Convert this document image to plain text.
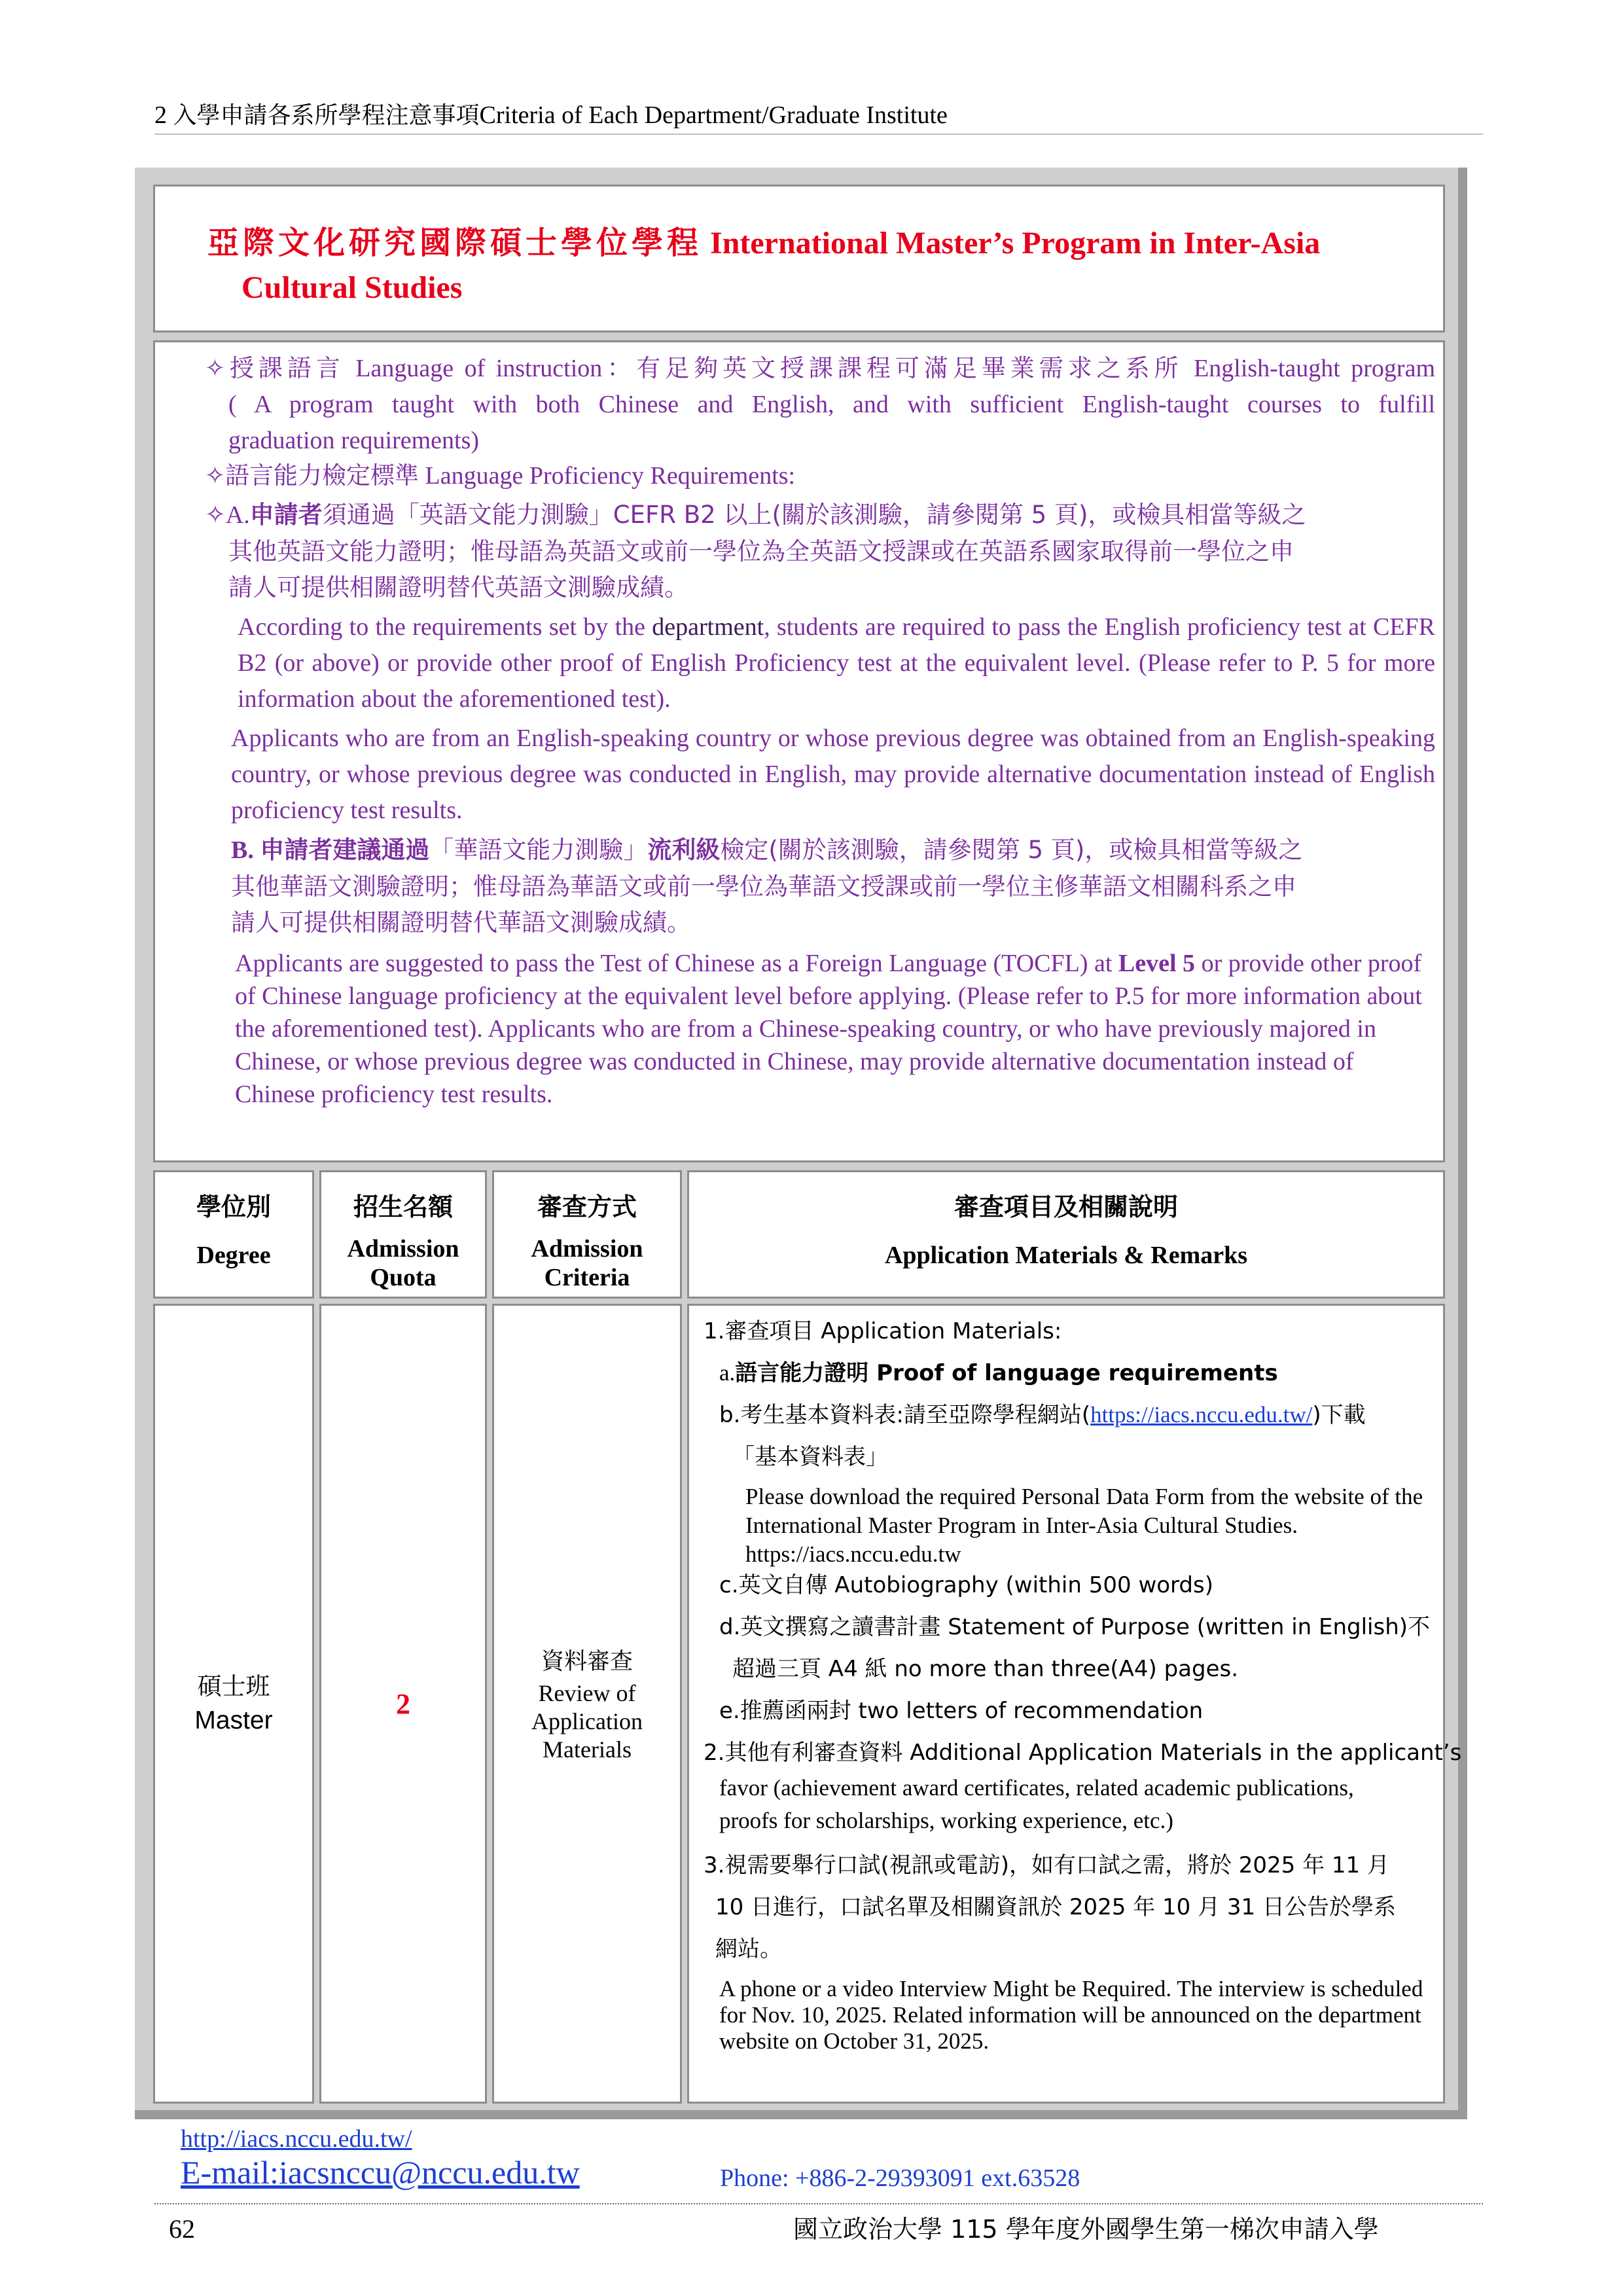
2 入學申請各系所學程注意事項Criteria of Each Department/Graduate Institute
亞際文化研究國際碩士學位學程 International Master’s Program in Inter-Asia
Cultural Studies
✧授課語言 Language of instruction：有足夠英文授課課程可滿足畢業需求之系所 English-taught program
( A program taught with both Chinese and English, and with sufficient English-taught courses to fulfill
graduation requirements)
✧語言能力檢定標準 Language Proficiency Requirements:
✧A.申請者須通過「英語文能力測驗」CEFR B2 以上(關於該測驗，請參閱第 5 頁)，或檢具相當等級之
其他英語文能力證明；惟母語為英語文或前一學位為全英語文授課或在英語系國家取得前一學位之申
請人可提供相關證明替代英語文測驗成績。
According to the requirements set by the department, students are required to pass the English proficiency test at CEFR B2 (or above) or provide other proof of English Proficiency test at the equivalent level. (Please refer to P. 5 for more information about the aforementioned test).
Applicants who are from an English-speaking country or whose previous degree was obtained from an English-speaking country, or whose previous degree was conducted in English, may provide alternative documentation instead of English proficiency test results.
B. 申請者建議通過「華語文能力測驗」流利級檢定(關於該測驗，請參閱第 5 頁)，或檢具相當等級之
其他華語文測驗證明；惟母語為華語文或前一學位為華語文授課或前一學位主修華語文相關科系之申
請人可提供相關證明替代華語文測驗成績。
Applicants are suggested to pass the Test of Chinese as a Foreign Language (TOCFL) at Level 5 or provide other proof of Chinese language proficiency at the equivalent level before applying. (Please refer to P.5 for more information about the aforementioned test). Applicants who are from a Chinese-speaking country, or who have previously majored in Chinese, or whose previous degree was conducted in Chinese, may provide alternative documentation instead of Chinese proficiency test results.
學位別
Degree
招生名額
Admission Quota
審查方式
Admission Criteria
審查項目及相關說明
Application Materials & Remarks
碩士班
Master
2
資料審查
Review of Application Materials
1.審查項目 Application Materials:
a.語言能力證明 Proof of language requirements
b.考生基本資料表:請至亞際學程網站(https://iacs.nccu.edu.tw/)下載
「基本資料表」
Please download the required Personal Data Form from the website of the International Master Program in Inter-Asia Cultural Studies. https://iacs.nccu.edu.tw
c.英文自傳 Autobiography (within 500 words)
d.英文撰寫之讀書計畫 Statement of Purpose (written in English)不
超過三頁 A4 紙 no more than three(A4) pages.
e.推薦函兩封 two letters of recommendation
2.其他有利審查資料 Additional Application Materials in the applicant’s
favor (achievement award certificates, related academic publications,
proofs for scholarships, working experience, etc.)
3.視需要舉行口試(視訊或電訪)，如有口試之需，將於 2025 年 11 月
10 日進行，口試名單及相關資訊於 2025 年 10 月 31 日公告於學系
網站。
A phone or a video Interview Might be Required. The interview is scheduled for Nov. 10, 2025. Related information will be announced on the department website on October 31, 2025.
http://iacs.nccu.edu.tw/
E-mail:iacsnccu@nccu.edu.tw	Phone: +886-2-29393091 ext.63528
62	國立政治大學 115 學年度外國學生第一梯次申請入學
